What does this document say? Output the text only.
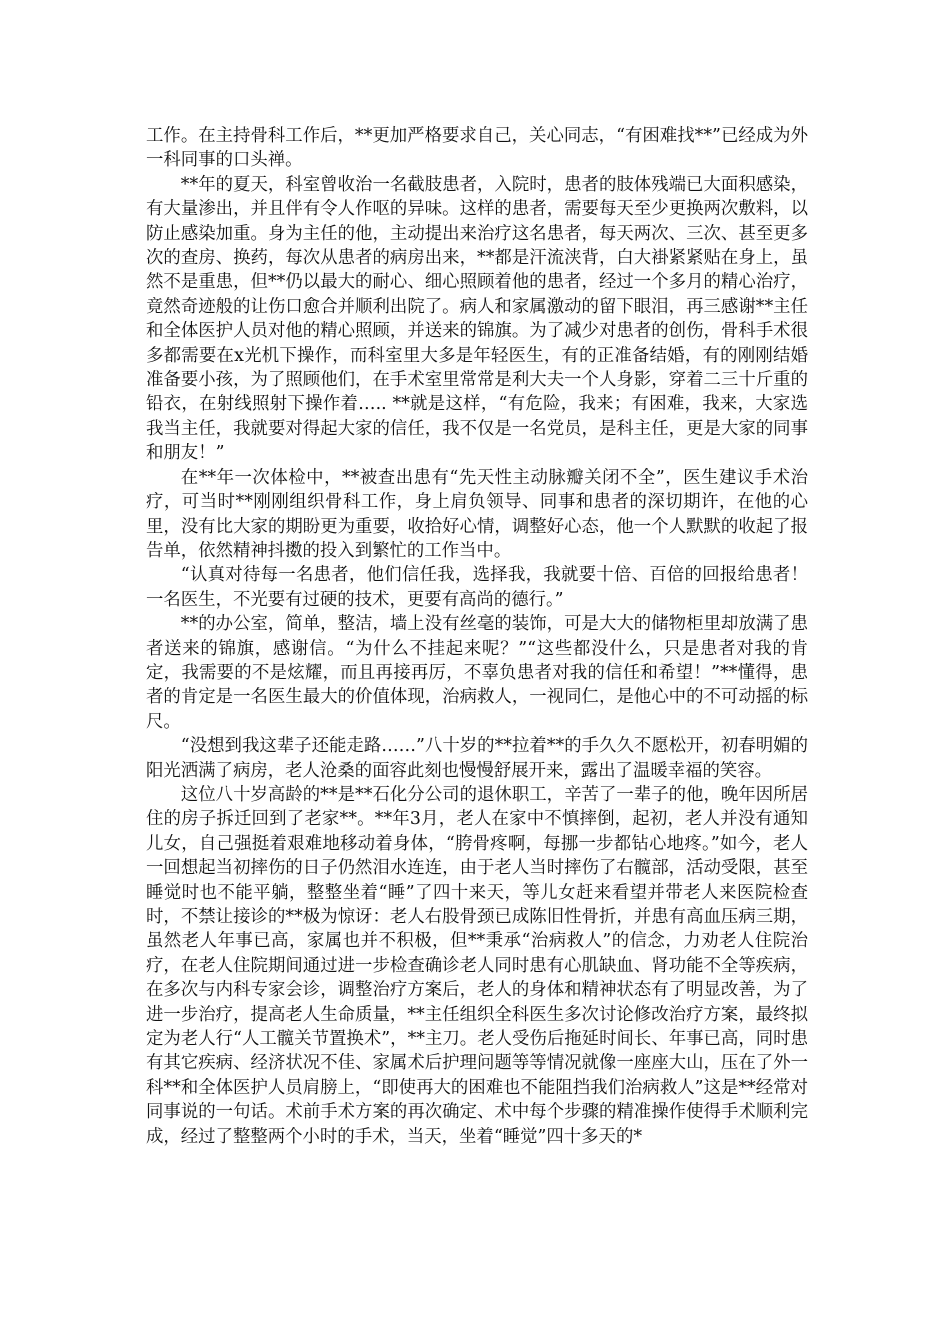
工作。在主持骨科工作后，**更加严格要求自己，关心同志，“有困难找**”已经成为外一科同事的口头禅。

**年的夏天，科室曾收治一名截肢患者，入院时，患者的肢体残端已大面积感染，有大量渗出，并且伴有令人作呕的异味。这样的患者，需要每天至少更换两次敷料，以防止感染加重。身为主任的他，主动提出来治疗这名患者，每天两次、三次、甚至更多次的查房、换药，每次从患者的病房出来，**都是汗流浃背，白大褂紧紧贴在身上，虽然不是重患，但**仍以最大的耐心、细心照顾着他的患者，经过一个多月的精心治疗，竟然奇迹般的让伤口愈合并顺利出院了。病人和家属激动的留下眼泪，再三感谢**主任和全体医护人员对他的精心照顾，并送来的锦旗。为了减少对患者的创伤，骨科手术很多都需要在x光机下操作，而科室里大多是年轻医生，有的正准备结婚，有的刚刚结婚准备要小孩，为了照顾他们，在手术室里常常是利大夫一个人身影，穿着二三十斤重的铅衣，在射线照射下操作着….. **就是这样，“有危险，我来；有困难，我来，大家选我当主任，我就要对得起大家的信任，我不仅是一名党员，是科主任，更是大家的同事和朋友！”

在**年一次体检中，**被查出患有“先天性主动脉瓣关闭不全”，医生建议手术治疗，可当时**刚刚组织骨科工作，身上肩负领导、同事和患者的深切期许，在他的心里，没有比大家的期盼更为重要，收拾好心情，调整好心态，他一个人默默的收起了报告单，依然精神抖擞的投入到繁忙的工作当中。

“认真对待每一名患者，他们信任我，选择我，我就要十倍、百倍的回报给患者！一名医生，不光要有过硬的技术，更要有高尚的德行。”

**的办公室，简单，整洁，墙上没有丝毫的装饰，可是大大的储物柜里却放满了患者送来的锦旗，感谢信。“为什么不挂起来呢？”“这些都没什么，只是患者对我的肯定，我需要的不是炫耀，而且再接再厉，不辜负患者对我的信任和希望！”**懂得，患者的肯定是一名医生最大的价值体现，治病救人，一视同仁，是他心中的不可动摇的标尺。

“没想到我这辈子还能走路……”八十岁的**拉着**的手久久不愿松开，初春明媚的阳光洒满了病房，老人沧桑的面容此刻也慢慢舒展开来，露出了温暖幸福的笑容。

这位八十岁高龄的**是**石化分公司的退休职工，辛苦了一辈子的他，晚年因所居住的房子拆迁回到了老家**。**年3月，老人在家中不慎摔倒，起初，老人并没有通知儿女，自己强挺着艰难地移动着身体，“胯骨疼啊，每挪一步都钻心地疼。”如今，老人一回想起当初摔伤的日子仍然泪水连连，由于老人当时摔伤了右髋部，活动受限，甚至睡觉时也不能平躺，整整坐着“睡”了四十来天，等儿女赶来看望并带老人来医院检查时，不禁让接诊的**极为惊讶：老人右股骨颈已成陈旧性骨折，并患有高血压病三期，虽然老人年事已高，家属也并不积极，但**秉承“治病救人”的信念，力劝老人住院治疗，在老人住院期间通过进一步检查确诊老人同时患有心肌缺血、肾功能不全等疾病，在多次与内科专家会诊，调整治疗方案后，老人的身体和精神状态有了明显改善，为了进一步治疗，提高老人生命质量，**主任组织全科医生多次讨论修改治疗方案，最终拟定为老人行“人工髋关节置换术”，**主刀。老人受伤后拖延时间长、年事已高，同时患有其它疾病、经济状况不佳、家属术后护理问题等等情况就像一座座大山，压在了外一科**和全体医护人员肩膀上，“即使再大的困难也不能阻挡我们治病救人”这是**经常对同事说的一句话。术前手术方案的再次确定、术中每个步骤的精准操作使得手术顺利完成，经过了整整两个小时的手术，当天，坐着“睡觉”四十多天的*
